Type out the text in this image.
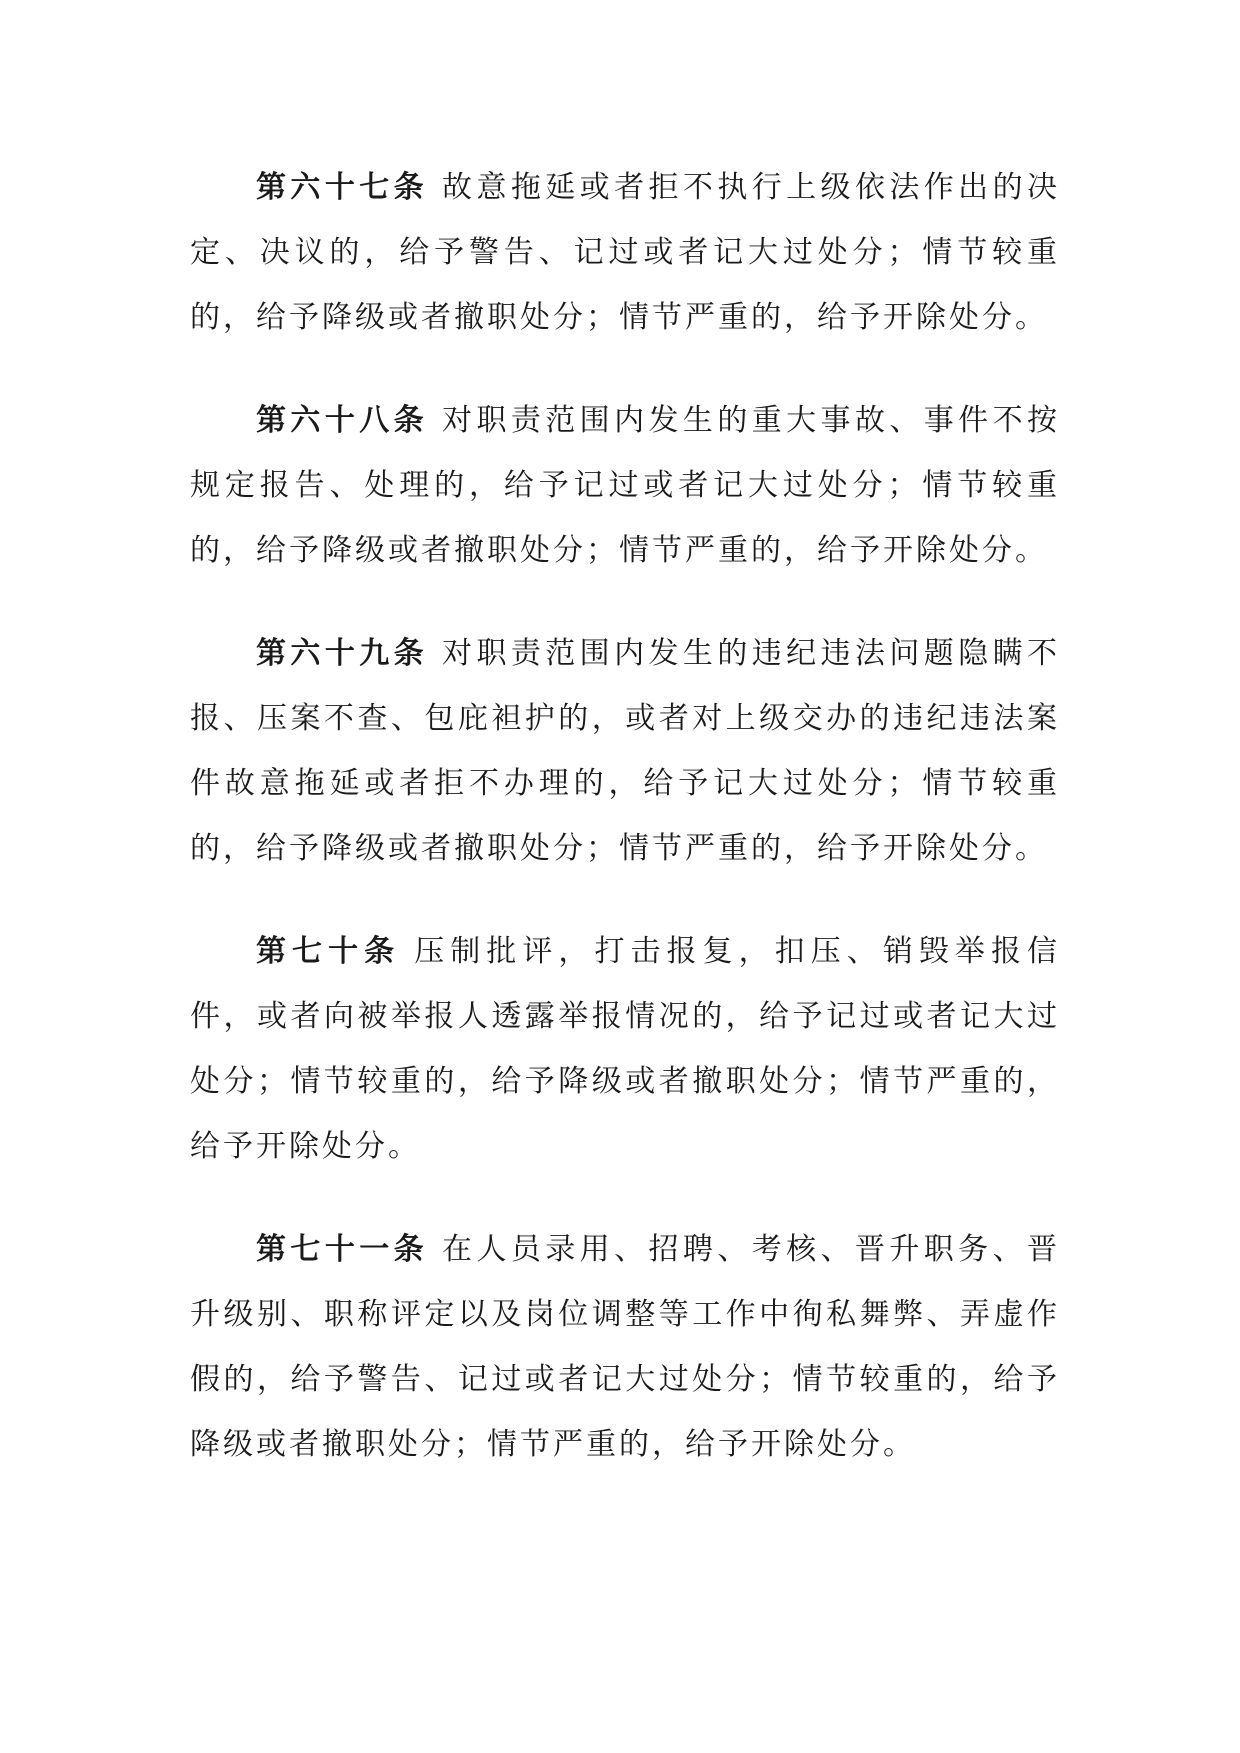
第六十七条 故意拖延或者拒不执行上级依法作出的决定、决议的，给予警告、记过或者记大过处分；情节较重的，给予降级或者撤职处分；情节严重的，给予开除处分。

第六十八条 对职责范围内发生的重大事故、事件不按规定报告、处理的，给予记过或者记大过处分；情节较重的，给予降级或者撤职处分；情节严重的，给予开除处分。

第六十九条 对职责范围内发生的违纪违法问题隐瞒不报、压案不查、包庇袒护的，或者对上级交办的违纪违法案件故意拖延或者拒不办理的，给予记大过处分；情节较重的，给予降级或者撤职处分；情节严重的，给予开除处分。

第七十条 压制批评，打击报复，扣压、销毁举报信件，或者向被举报人透露举报情况的，给予记过或者记大过处分；情节较重的，给予降级或者撤职处分；情节严重的，给予开除处分。

第七十一条 在人员录用、招聘、考核、晋升职务、晋升级别、职称评定以及岗位调整等工作中徇私舞弊、弄虚作假的，给予警告、记过或者记大过处分；情节较重的，给予降级或者撤职处分；情节严重的，给予开除处分。
